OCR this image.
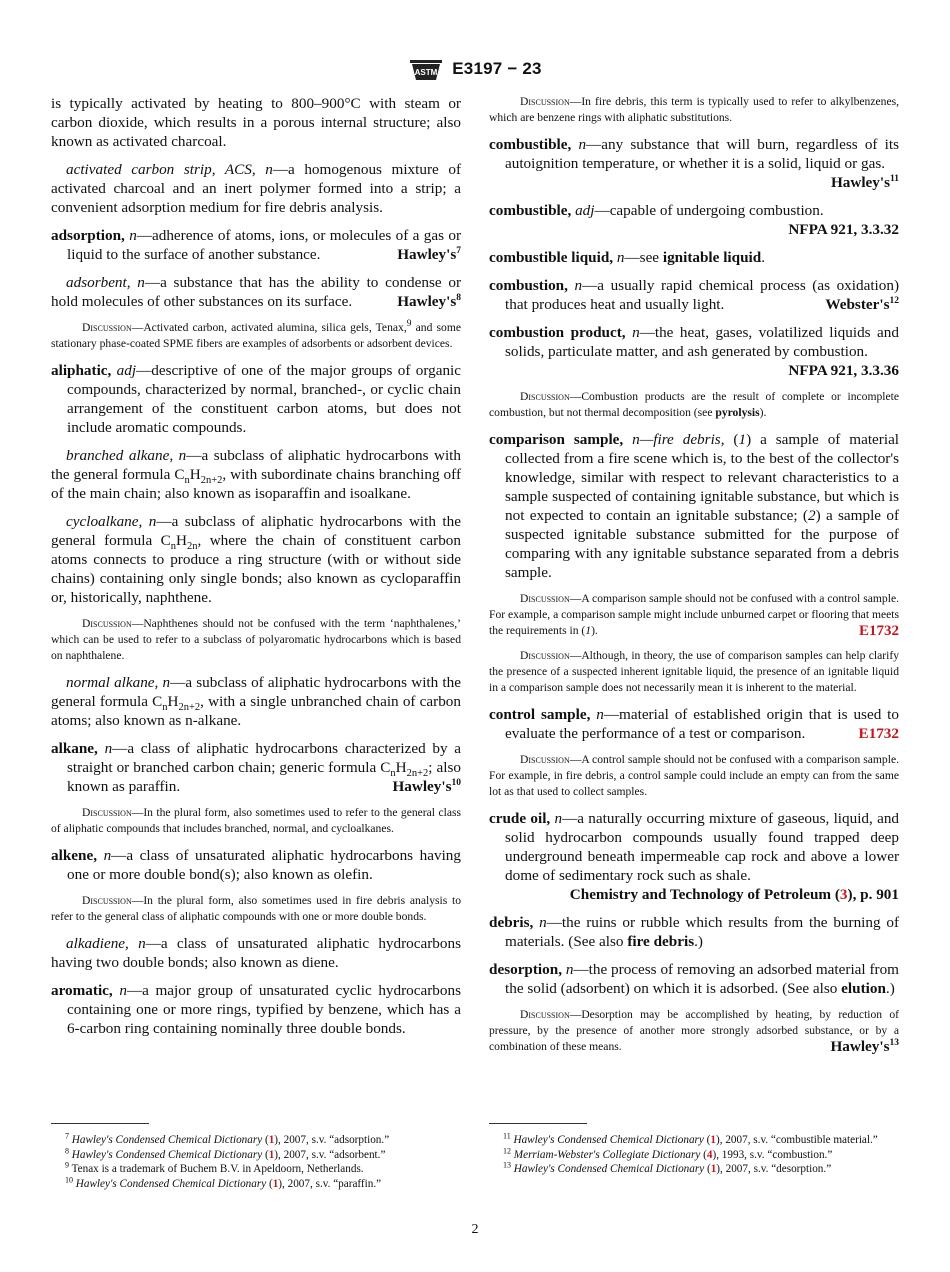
ASTM E3197 − 23

is typically activated by heating to 800–900°C with steam or carbon dioxide, which results in a porous internal structure; also known as activated charcoal.

activated carbon strip, ACS, n—a homogenous mixture of activated charcoal and an inert polymer formed into a strip; a convenient adsorption medium for fire debris analysis.

adsorption, n—adherence of atoms, ions, or molecules of a gas or liquid to the surface of another substance.	$Hawley's^7$

adsorbent, n—a substance that has the ability to condense or hold molecules of other substances on its surface.	$Hawley's^8$

Discussion—Activated carbon, activated alumina, silica gels, Tenax,$^9$ and some stationary phase-coated SPME fibers are examples of adsorbents or adsorbent devices.

aliphatic, adj—descriptive of one of the major groups of organic compounds, characterized by normal, branched-, or cyclic chain arrangement of the constituent carbon atoms, but does not include aromatic compounds.

branched alkane, n—a subclass of aliphatic hydrocarbons with the general formula $C_nH_{2n+2}$, with subordinate chains branching off of the main chain; also known as isoparaffin and isoalkane.

cycloalkane, n—a subclass of aliphatic hydrocarbons with the general formula $C_nH_{2n}$, where the chain of constituent carbon atoms connects to produce a ring structure (with or without side chains) containing only single bonds; also known as cycloparaffin or, historically, naphthene.

Discussion—Naphthenes should not be confused with the term ‘naphthalenes,’ which can be used to refer to a subclass of polyaromatic hydrocarbons which is based on naphthalene.

normal alkane, n—a subclass of aliphatic hydrocarbons with the general formula $C_nH_{2n+2}$, with a single unbranched chain of carbon atoms; also known as n-alkane.

alkane, n—a class of aliphatic hydrocarbons characterized by a straight or branched carbon chain; generic formula $C_nH_{2n+2}$; also known as paraffin.	$Hawley's^{10}$

Discussion—In the plural form, also sometimes used to refer to the general class of aliphatic compounds that includes branched, normal, and cycloalkanes.

alkene, n—a class of unsaturated aliphatic hydrocarbons having one or more double bond(s); also known as olefin.

Discussion—In the plural form, also sometimes used in fire debris analysis to refer to the general class of aliphatic compounds with one or more double bonds.

alkadiene, n—a class of unsaturated aliphatic hydrocarbons having two double bonds; also known as diene.

aromatic, n—a major group of unsaturated cyclic hydrocarbons containing one or more rings, typified by benzene, which has a 6-carbon ring containing nominally three double bonds.

Discussion—In fire debris, this term is typically used to refer to alkylbenzenes, which are benzene rings with aliphatic substitutions.

combustible, n—any substance that will burn, regardless of its autoignition temperature, or whether it is a solid, liquid or gas.
$Hawley's^{11}$

combustible, adj—capable of undergoing combustion.
NFPA 921, 3.3.32

combustible liquid, n—see ignitable liquid.

combustion, n—a usually rapid chemical process (as oxidation) that produces heat and usually light.	$Webster's^{12}$

combustion product, n—the heat, gases, volatilized liquids and solids, particulate matter, and ash generated by combustion.
NFPA 921, 3.3.36

Discussion—Combustion products are the result of complete or incomplete combustion, but not thermal decomposition (see pyrolysis).

comparison sample, n—fire debris, (1) a sample of material collected from a fire scene which is, to the best of the collector's knowledge, similar with respect to relevant characteristics to a sample suspected of containing ignitable substance, but which is not expected to contain an ignitable substance; (2) a sample of suspected ignitable substance submitted for the purpose of comparing with any ignitable substance separated from a debris sample.

Discussion—A comparison sample should not be confused with a control sample. For example, a comparison sample might include unburned carpet or flooring that meets the requirements in (1).	E1732

Discussion—Although, in theory, the use of comparison samples can help clarify the presence of a suspected inherent ignitable liquid, the presence of an ignitable liquid in a comparison sample does not necessarily mean it is inherent to the material.

control sample, n—material of established origin that is used to evaluate the performance of a test or comparison.	E1732

Discussion—A control sample should not be confused with a comparison sample. For example, in fire debris, a control sample could include an empty can from the same lot as that used to collect samples.

crude oil, n—a naturally occurring mixture of gaseous, liquid, and solid hydrocarbon compounds usually found trapped deep underground beneath impermeable cap rock and above a lower dome of sedimentary rock such as shale.
Chemistry and Technology of Petroleum (3), p. 901

debris, n—the ruins or rubble which results from the burning of materials. (See also fire debris.)

desorption, n—the process of removing an adsorbed material from the solid (adsorbent) on which it is adsorbed. (See also elution.)

Discussion—Desorption may be accomplished by heating, by reduction of pressure, by the presence of another more strongly adsorbed substance, or by a combination of these means.	$Hawley's^{13}$

$^7$ Hawley's Condensed Chemical Dictionary (1), 2007, s.v. “adsorption.”
$^8$ Hawley's Condensed Chemical Dictionary (1), 2007, s.v. “adsorbent.”
$^9$ Tenax is a trademark of Buchem B.V. in Apeldoorn, Netherlands.
$^{10}$ Hawley's Condensed Chemical Dictionary (1), 2007, s.v. “paraffin.”
$^{11}$ Hawley's Condensed Chemical Dictionary (1), 2007, s.v. “combustible material.”
$^{12}$ Merriam-Webster's Collegiate Dictionary (4), 1993, s.v. “combustion.”
$^{13}$ Hawley's Condensed Chemical Dictionary (1), 2007, s.v. “desorption.”
2
